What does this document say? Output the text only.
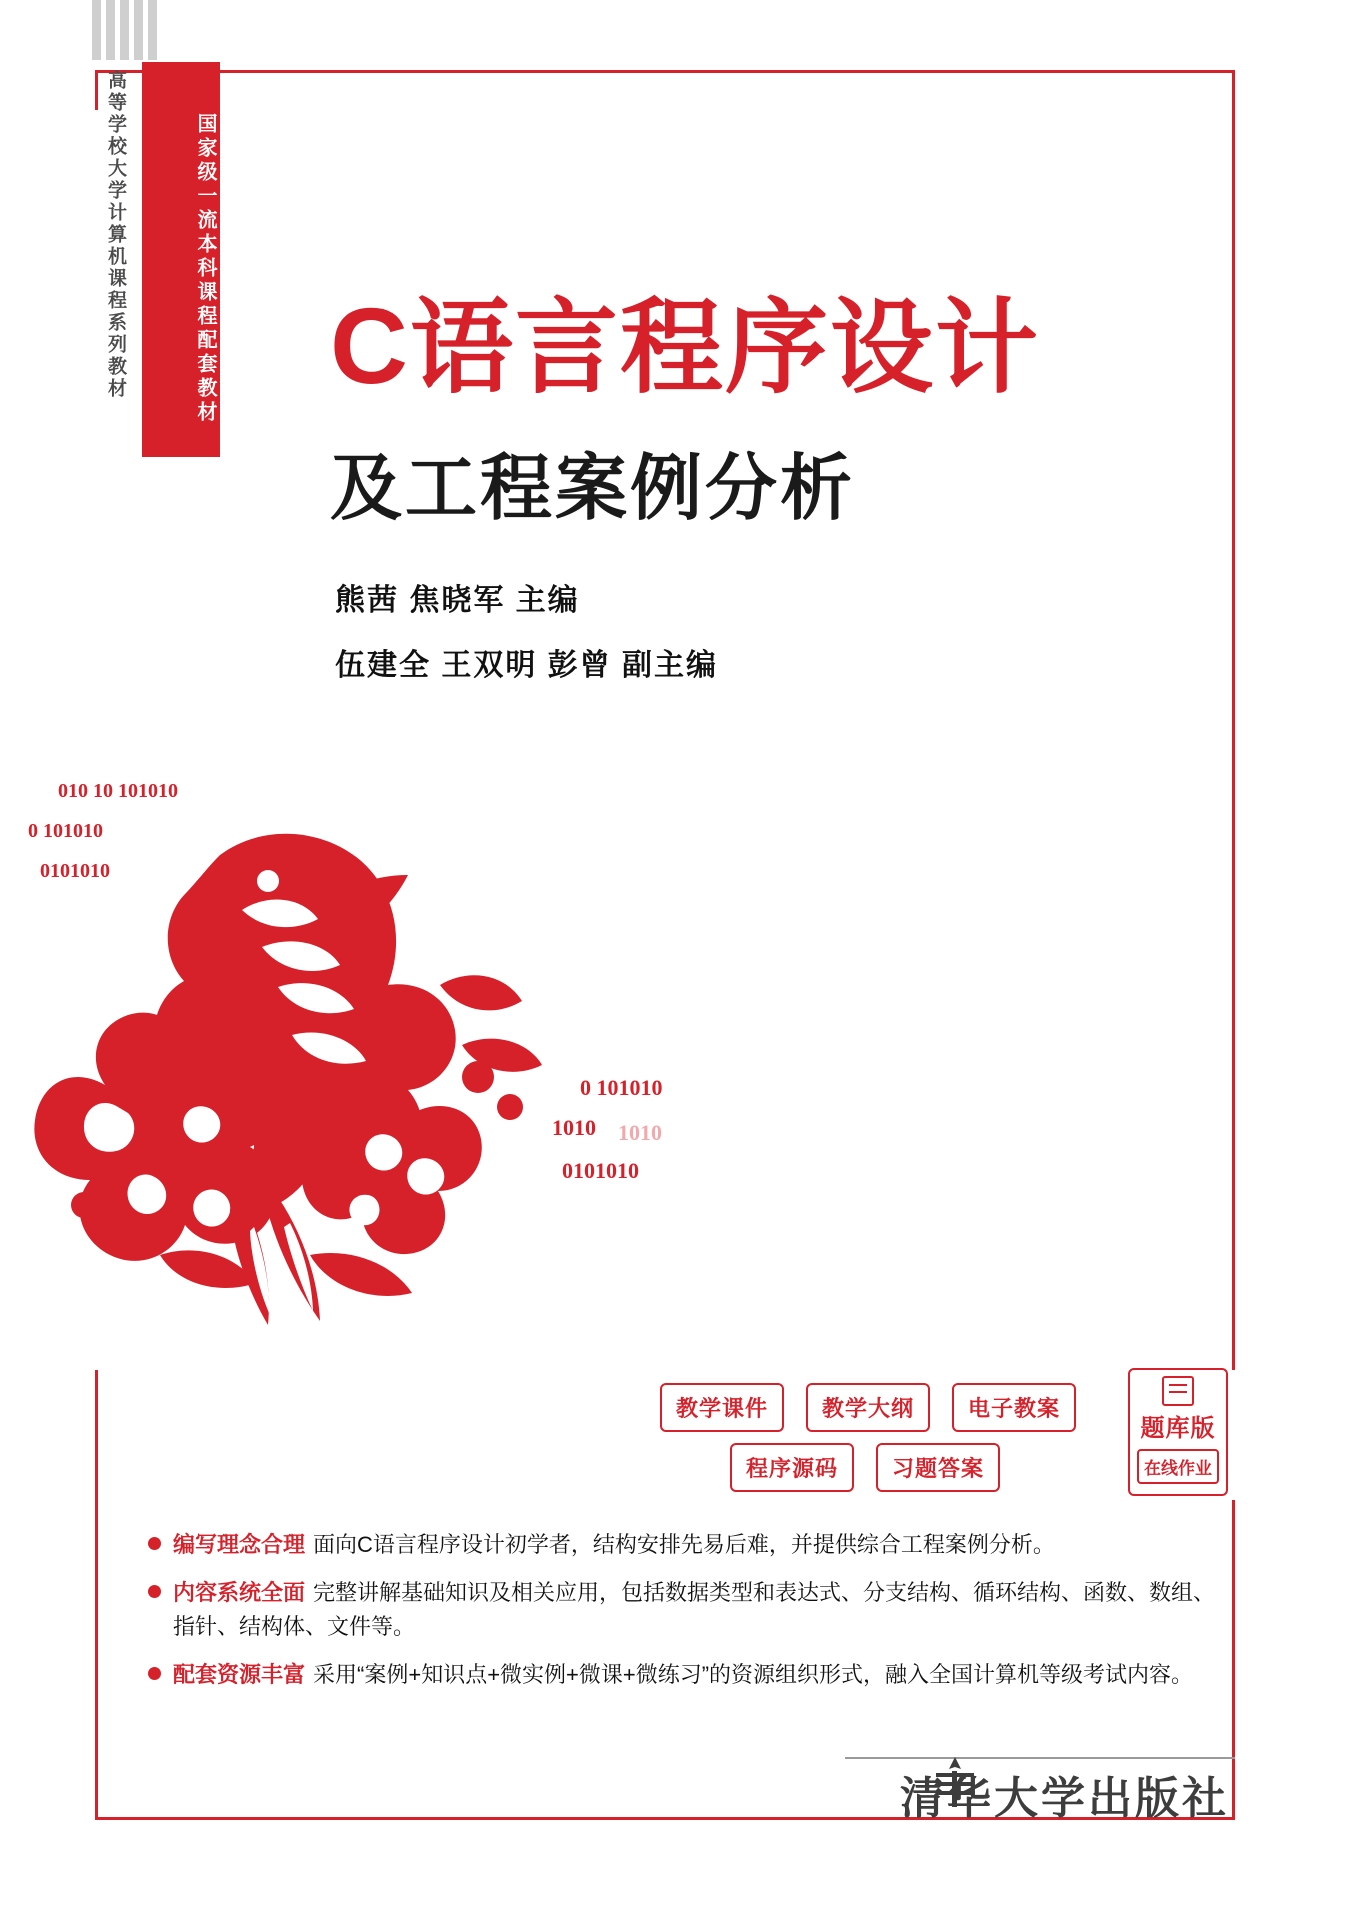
高等学校大学计算机课程系列教材	国家级一流本科课程配套教材 C语言程序设计
及工程案例分析
熊茜 焦晓军 主编
伍建全 王双明 彭曾 副主编
010 10 101010
0 101010
0101010
0 101010
1010 1010
0101010
教学课件	教学大纲	电子教案
程序源码	习题答案
题库版
在线作业
编写理念合理 面向C语言程序设计初学者，结构安排先易后难，并提供综合工程案例分析。
内容系统全面 完整讲解基础知识及相关应用，包括数据类型和表达式、分支结构、循环结构、函数、数组、指针、结构体、文件等。
配套资源丰富 采用“案例+知识点+微实例+微课+微练习”的资源组织形式，融入全国计算机等级考试内容。
清华大学出版社
